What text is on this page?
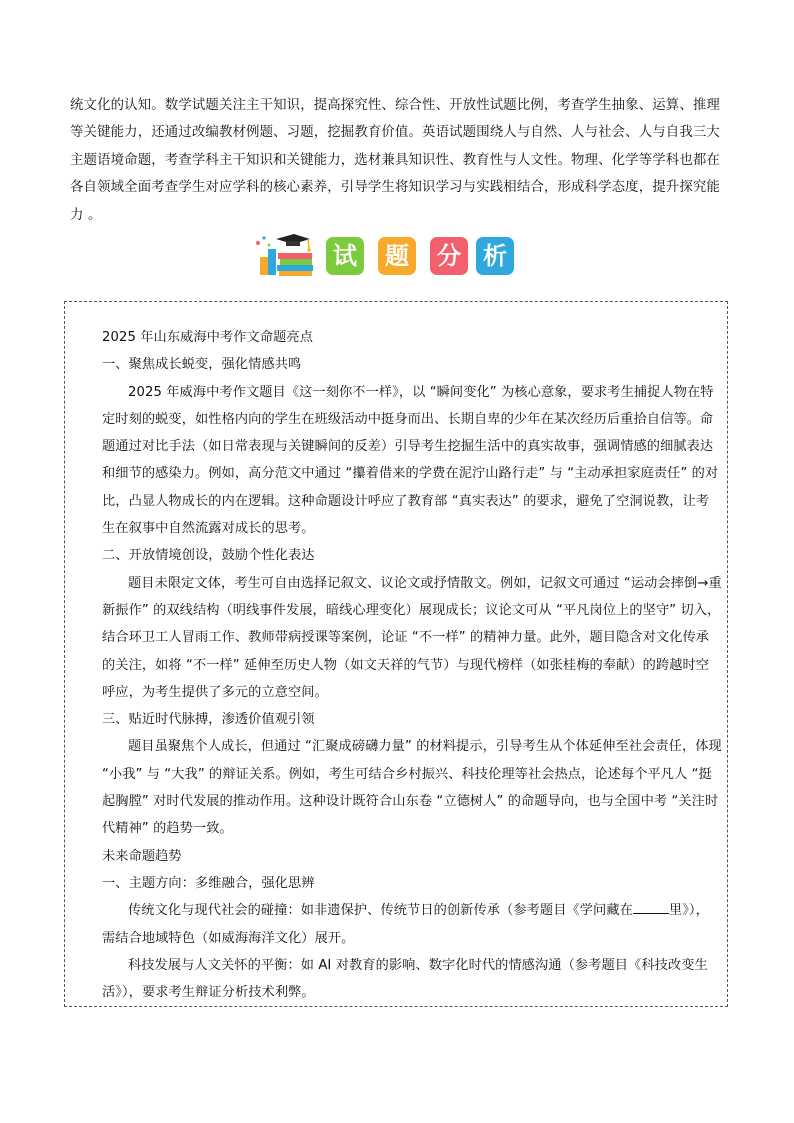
统文化的认知。数学试题关注主干知识，提高探究性、综合性、开放性试题比例，考查学生抽象、运算、推理等关键能力，还通过改编教材例题、习题，挖掘教育价值。英语试题围绕人与自然、人与社会、人与自我三大主题语境命题，考查学科主干知识和关键能力，选材兼具知识性、教育性与人文性。物理、化学等学科也都在各自领域全面考查学生对应学科的核心素养，引导学生将知识学习与实践相结合，形成科学态度，提升探究能力 。

试 题 分 析

2025 年山东威海中考作文命题亮点

一、聚焦成长蜕变，强化情感共鸣

2025 年威海中考作文题目《这一刻你不一样》，以 “瞬间变化” 为核心意象，要求考生捕捉人物在特定时刻的蜕变，如性格内向的学生在班级活动中挺身而出、长期自卑的少年在某次经历后重拾自信等。命题通过对比手法（如日常表现与关键瞬间的反差）引导考生挖掘生活中的真实故事，强调情感的细腻表达和细节的感染力。例如，高分范文中通过 “攥着借来的学费在泥泞山路行走” 与 “主动承担家庭责任” 的对比，凸显人物成长的内在逻辑。这种命题设计呼应了教育部 “真实表达” 的要求，避免了空洞说教，让考生在叙事中自然流露对成长的思考。

二、开放情境创设，鼓励个性化表达

题目未限定文体，考生可自由选择记叙文、议论文或抒情散文。例如，记叙文可通过 “运动会摔倒→重新振作” 的双线结构（明线事件发展，暗线心理变化）展现成长；议论文可从 “平凡岗位上的坚守” 切入，结合环卫工人冒雨工作、教师带病授课等案例，论证 “不一样” 的精神力量。此外，题目隐含对文化传承的关注，如将 “不一样” 延伸至历史人物（如文天祥的气节）与现代榜样（如张桂梅的奉献）的跨越时空呼应，为考生提供了多元的立意空间。

三、贴近时代脉搏，渗透价值观引领

题目虽聚焦个人成长，但通过 “汇聚成磅礴力量” 的材料提示，引导考生从个体延伸至社会责任，体现 “小我” 与 “大我” 的辩证关系。例如，考生可结合乡村振兴、科技伦理等社会热点，论述每个平凡人 “挺起胸膛” 对时代发展的推动作用。这种设计既符合山东卷 “立德树人” 的命题导向，也与全国中考 “关注时代精神” 的趋势一致。

未来命题趋势

一、主题方向：多维融合，强化思辨

传统文化与现代社会的碰撞：如非遗保护、传统节日的创新传承（参考题目《学问藏在	里》），需结合地域特色（如威海海洋文化）展开。

科技发展与人文关怀的平衡：如 AI 对教育的影响、数字化时代的情感沟通（参考题目《科技改变生活》），要求考生辩证分析技术利弊。
